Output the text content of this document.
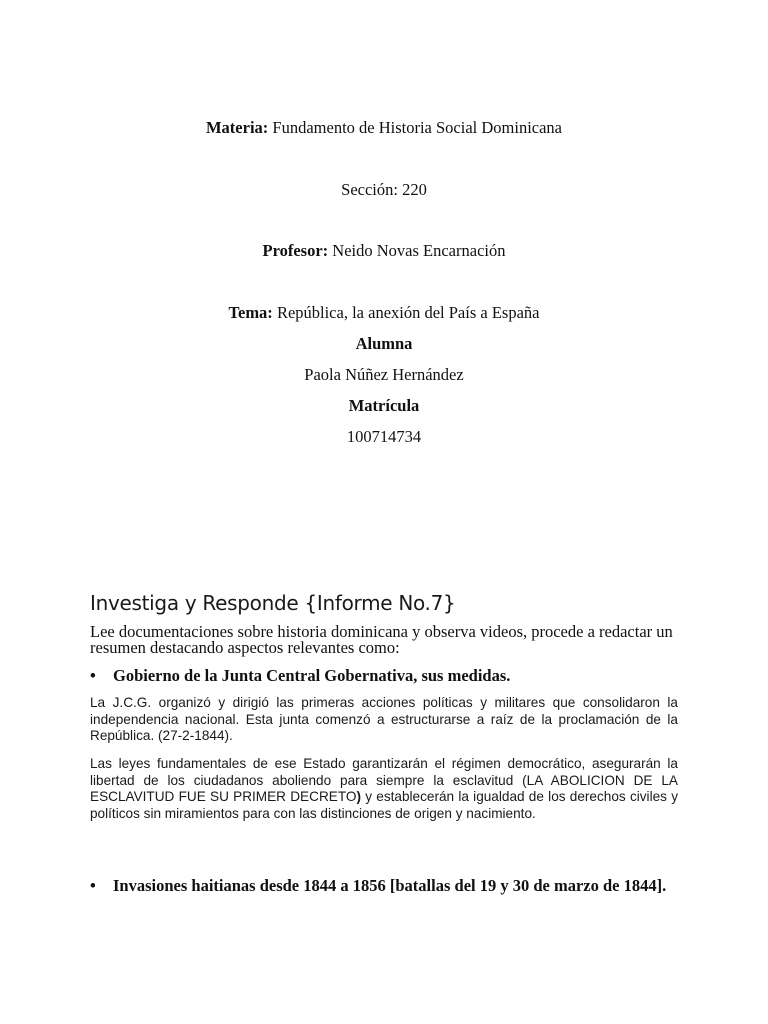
Materia: Fundamento de Historia Social Dominicana
Sección: 220
Profesor: Neido Novas Encarnación
Tema: República, la anexión del País a España
Alumna
Paola Núñez Hernández
Matrícula
100714734
Investiga y Responde {Informe No.7}
Lee documentaciones sobre historia dominicana y observa videos, procede a redactar un resumen destacando aspectos relevantes como:
• Gobierno de la Junta Central Gobernativa, sus medidas.
La J.C.G. organizó y dirigió las primeras acciones políticas y militares que consolidaron la independencia nacional. Esta junta comenzó a estructurarse a raíz de la proclamación de la República. (27-2-1844).
Las leyes fundamentales de ese Estado garantizarán el régimen democrático, asegurarán la libertad de los ciudadanos aboliendo para siempre la esclavitud (LA ABOLICION DE LA ESCLAVITUD FUE SU PRIMER DECRETO) y establecerán la igualdad de los derechos civiles y políticos sin miramientos para con las distinciones de origen y nacimiento.
• Invasiones haitianas desde 1844 a 1856 [batallas del 19 y 30 de marzo de 1844].
